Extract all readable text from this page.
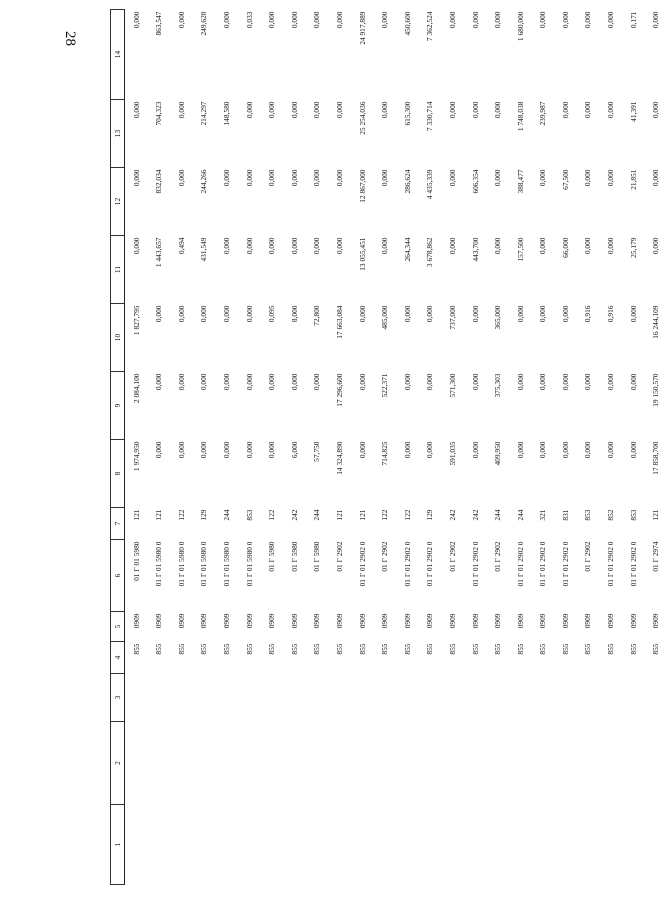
28
1	2	3	4	5	6	7	8	9	10	11	12	13	14
			855	0909	01 Г 01 5980	121	1 974,950	2 084,100	1 827,795	0,000	0,000	0,000	0,000
			855	0909	01 Г 01 5980 0	121	0,000	0,000	0,000	1 443,657	832,034	704,323	863,547
			855	0909	01 Г 01 5980 0	122	0,000	0,000	0,000	0,494	0,000	0,000	0,000
			855	0909	01 Г 01 5980 0	129	0,000	0,000	0,000	431,549	244,266	214,297	249,620
			855	0909	01 Г 01 5980 0	244	0,000	0,000	0,000	0,000	0,000	148,580	0,000
			855	0909	01 Г 01 5980 0	853	0,000	0,000	0,000	0,000	0,000	0,000	0,033
			855	0909	01 Г 5980	122	0,000	0,000	0,095	0,000	0,000	0,000	0,000
			855	0909	01 Г 5980	242	6,000	0,000	8,000	0,000	0,000	0,000	0,000
			855	0909	01 Г 5980	244	57,750	0,000	72,800	0,000	0,000	0,000	0,000
			855	0909	01 Г 2902	121	14 324,890	17 296,600	17 663,084	0,000	0,000	0,000	0,000
			855	0909	01 Г 01 2902 0	121	0,000	0,000	0,000	13 055,451	12 867,000	25 254,036	24 917,889
			855	0909	01 Г 2902	122	714,825	522,371	485,000	0,000	0,000	0,000	0,000
			855	0909	01 Г 01 2902 0	122	0,000	0,000	0,000	264,344	286,624	615,300	450,600
			855	0909	01 Г 01 2902 0	129	0,000	0,000	0,000	3 678,862	4 435,339	7 330,714	7 362,524
			855	0909	01 Г 2902	242	591,035	571,300	737,000	0,000	0,000	0,000	0,000
			855	0909	01 Г 01 2902 0	242	0,000	0,000	0,000	443,700	606,354	0,000	0,000
			855	0909	01 Г 2902	244	409,950	375,303	365,000	0,000	0,000	0,000	0,000
			855	0909	01 Г 01 2902 0	244	0,000	0,000	0,000	157,500	388,477	1 748,038	1 680,000
			855	0909	01 Г 01 2902 0	321	0,000	0,000	0,000	0,000	0,000	239,987	0,000
			855	0909	01 Г 01 2902 0	831	0,000	0,000	0,000	66,000	67,500	0,000	0,000
			855	0909	01 Г 2902	853	0,000	0,000	0,916	0,000	0,000	0,000	0,000
			855	0909	01 Г 01 2902 0	852	0,000	0,000	0,916	0,000	0,000	0,000	0,000
			855	0909	01 Г 01 2902 0	853	0,000	0,000	0,000	25,179	21,851	41,391	0,171
			855	0909	01 Г 2974	121	17 858,700	19 150,570	16 244,109	0,000	0,000	0,000	0,000
